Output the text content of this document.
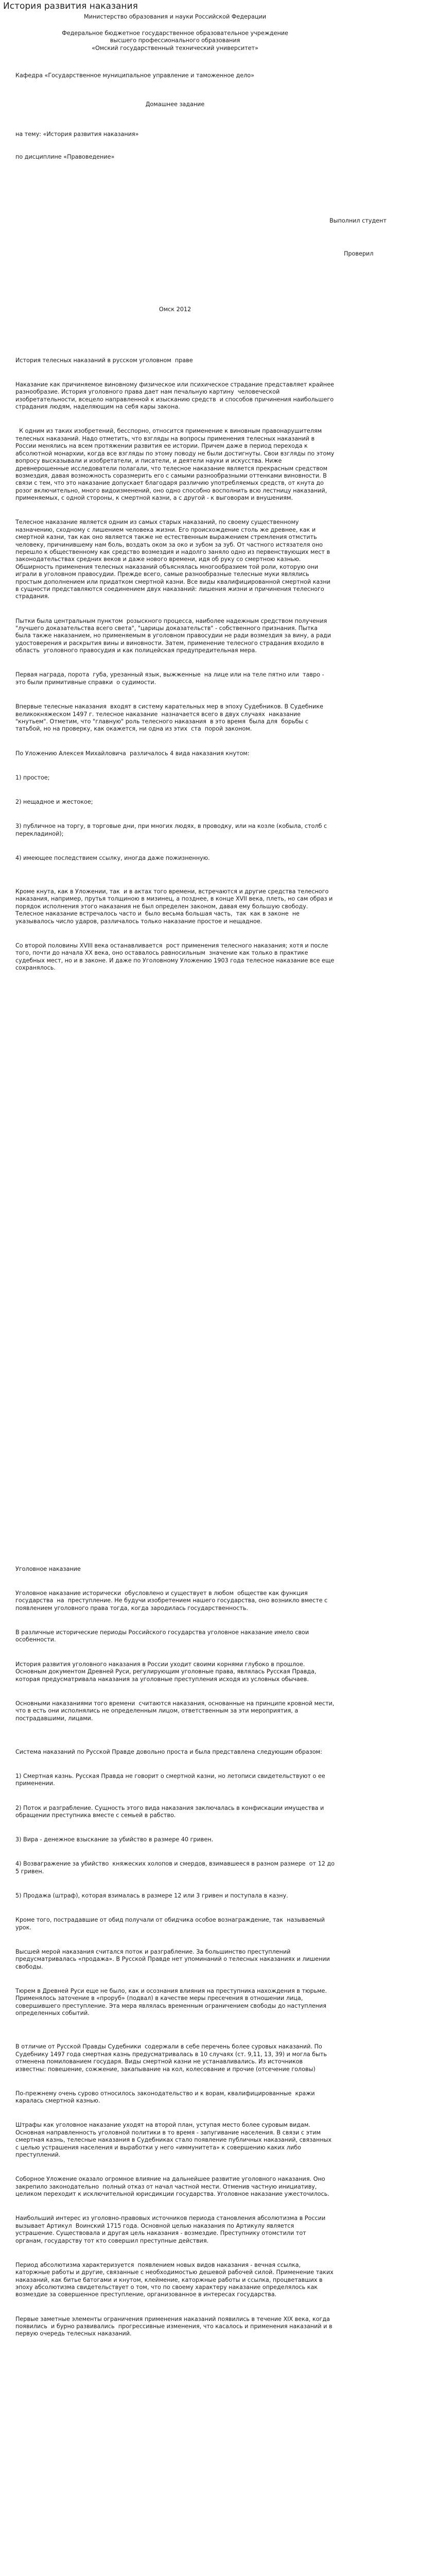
История развития наказания
Министерство образования и науки Российской Федерации
Федеральное бюджетное государственное образовательное учреждение
высшего профессионального образования
«Омский государственный технический университет»
Кафедра «Государственное муниципальное управление и таможенное дело»
Домашнее задание
на тему: «История развития наказания»
по дисциплине «Правоведение»
Выполнил студент
Проверил
Омск 2012

История телесных наказаний в русском уголовном  праве

Наказание как причиняемое виновному физическое или психическое страдание представляет крайнее разнообразие. История уголовного права дает нам печальную картину  человеческой изобретательности, всецело направленной к изысканию средств  и способов причинения наибольшего страдания людям, наделяющим на себя кары закона.

К одним из таких изобретений, бесспорно, относится применение к виновным правонарушителям телесных наказаний. Надо отметить, что взгляды на вопросы применения телесных наказаний в России менялись на всем протяжении развития ее истории. Причем даже в период перехода к абсолютной монархии, когда все взгляды по этому поводу не были достигнуты. Свои взгляды по этому вопросу высказывали и изобретатели, и писатели, и деятели науки и искусства. Ниже древнерошенные исследователи полагали, что телесное наказание является прекрасным средством возмездия, давая возможность соразмерить его с самыми разнообразными оттенками виновности. В связи с тем, что это наказание допускает благодаря различию употребляемых средств, от кнута до розог включительно, много видоизменений, оно одно способно восполнить всю лестницу наказаний, применяемых, с одной стороны, к смертной казни, а с другой - к выговорам и внушениям.

Телесное наказание является одним из самых старых наказаний, по своему существенному назначению, сходному с лишением человека жизни. Его происхождение столь же древнее, как и смертной казни, так как оно является также не естественным выражением стремления отмстить человеку, причинившему нам боль, воздать оком за око и зубом за зуб. От частного истязателя оно перешло к общественному как средство возмездия и надолго заняло одно из первенствующих мест в законодательствах средних веков и даже нового времени, идя об руку со смертною казнью. Обширность применения телесных наказаний объяснялась многообразием той роли, которую они играли в уголовном правосудии. Прежде всего, самые разнообразные телесные муки являлись простым дополнением или придатком смертной казни. Все виды квалифицированной смертной казни в сущности представляются соединением двух наказаний: лишения жизни и причинения телесного страдания.

Пытки была центральным пунктом  розыскного процесса, наиболее надежным средством получения "лучшего доказательства всего света", "царицы доказательств" - собственного признания. Пытка была также наказанием, но применяемым в уголовном правосудии не ради возмездия за вину, а ради удостоверения и раскрытия вины и виновности. Затем, применение телесного страдания входило в область  уголовного правосудия и как полицейская предупредительная мера.

Первая награда, порота  губа, урезанный язык, выжженные  на лице или на теле пятно или  тавро - это были примитивные справки  о судимости.

Впервые телесные наказания  входят в систему карательных мер в эпоху Судебников. В Судебнике  великокняжеском 1497 г. телесное наказание  назначается всего в двух случаях  наказание "кнутьем". Отметим, что "главную" роль телесного наказания  в это время  была для  борьбы с татьбой, но на проверку, как окажется, ни одна из этих  ста  порой законом.

По Уложению Алексея Михайловича  различалось 4 вида наказания кнутом:

1) простое;

2) нещадное и жестокое;

3) публичное на торгу, в торговые дни, при многих людях, в проводку, или на козле (кобыла, столб с перекладиной);

4) имеющее последствием ссылку, иногда даже пожизненную.

Кроме кнута, как в Уложении, так  и в актах того времени, встречаются и другие средства телесного наказания, например, прутья толщиною в мизинец, а позднее, в конце XVII века, плеть, но сам образ и порядок исполнения этого наказания не был определен законом, давая ему большую свободу. Телесное наказание встречалось часто и  было весьма большая часть,  так  как в законе  не указывалось число ударов, различалось только наказание простое и нещадное.

Со второй половины XVIII века останавливается  рост применения телесного наказания; хотя и после того, почти до начала XX века, оно оставалось равносильным  значение как только в практике судебных мест, но и в законе. И даже по Уголовному Уложению 1903 года телесное наказание все еще сохранялось.

Уголовное наказание

Уголовное наказание исторически  обусловлено и существует в любом  обществе как функция государства  на  преступление. Не будучи изобретением нашего государства, оно возникло вместе с появлением уголовного права тогда, когда зародилась государственность.

В различные исторические периоды Российского государства уголовное наказание имело свои особенности.

История развития уголовного наказания в России уходит своими корнями глубоко в прошлое. Основным документом Древней Руси, регулирующим уголовные права, являлась Русская Правда, которая предусматривала наказания за уголовные преступления исходя из условных обычаев.

Основными наказаниями того времени  считаются наказания, основанные на принципе кровной мести, что в есть они исполнялись не определенным лицом, ответственным за эти мероприятия, а пострадавшими, лицами.

Система наказаний по Русской Правде довольно проста и была представлена следующим образом:

1) Смертная казнь. Русская Правда не говорит о смертной казни, но летописи свидетельствуют о ее применении.

2) Поток и разграбление. Сущность этого вида наказания заключалась в конфискации имущества и обращении преступника вместе с семьей в рабство.

3) Вира - денежное взыскание за убийство в размере 40 гривен.

4) Возвагражение за убийство  княжеских холопов и смердов, взимавшееся в разном размере  от 12 до 5 гривен.

5) Продажа (штраф), которая взималась в размере 12 или 3 гривен и поступала в казну.

Кроме того, пострадавшие от обид получали от обидчика особое вознаграждение, так  называемый урок.

Высшей мерой наказания считался поток и разграбление. За большинство преступлений предусматривалась «продажа». В Русской Правде нет упоминаний о телесных наказаниях и лишении свободы.

Тюрем в Древней Руси еще не было, как и осознания влияния на преступника нахождения в тюрьме. Применялось заточение в «проруб» (подвал) в качестве меры пресечения в отношении лица, совершившего преступление. Эта мера являлась временным ограничением свободы до наступления определенных событий.

В отличие от Русской Правды Судебники  содержали в себе перечень более суровых наказаний. По Судебнику 1497 года смертная казнь предусматривалась в 10 случаях (ст. 9,11, 13, 39) и могла быть отменена помилованием государя. Виды смертной казни не устанавливались. Из источников известны: повешение, сожжение, закапывание на кол, колесование и прочие (отсечение головы)

По-прежнему очень сурово относилось законодательство и к ворам, квалифицированные  кражи  каралась смертной казнью.

Штрафы как уголовное наказание уходят на второй план, уступая место более суровым видам. Основная направленность уголовной политики в то время - запугивание населения. В связи с этим смертная казнь, телесные наказания в Судебниках стало появление публичных наказаний, связанных с целью устрашения населения и выработки у него «иммунитета» к совершению каких либо преступлений.

Соборное Уложение оказало огромное влияние на дальнейшее развитие уголовного наказания. Оно закрепило законодательно  полный отказ от начал частной мести. Отменив частную инициативу, целиком переходит к исключительной юрисдикции государства. Уголовное наказание ужесточилось.

Наибольший интерес из уголовно-правовых источников периода становления абсолютизма в России вызывает Артикул  Воинский 1715 года. Основной целью наказания по Артикулу является устрашение. Существовала и другая цель наказания - возмездие. Преступнику отомстили тот органам, государству тот кто совершил преступные действия.

Период абсолютизма характеризуется  появлением новых видов наказания - вечная ссылка, каторжные работы и другие, связанные с необходимостью дешевой рабочей силой. Применение таких наказаний, как битье батогами и кнутом, клеймение, каторжные работы и ссылка, процветавших в эпоху абсолютизма свидетельствует о том, что по своему характеру наказание определялось как возмездие за совершенное преступление, организованное в интересах государства.

Первые заметные элементы ограничения применения наказаний появились в течение XIX века, когда  появились  и бурно развивались  прогрессивные изменения, что касалось и применения наказаний и в первую очередь телесных наказаний.
